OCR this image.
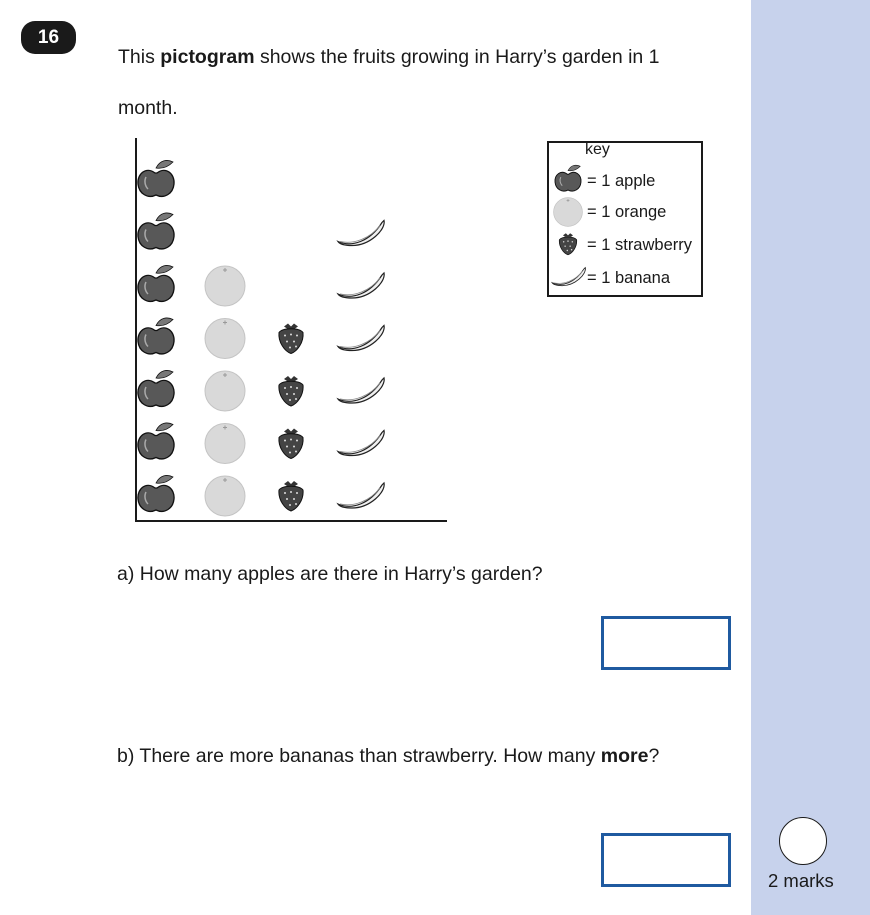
16
This pictogram shows the fruits growing in Harry’s garden in 1 month.
key
= 1 apple
= 1 orange
= 1 strawberry
= 1 banana
a) How many apples are there in Harry’s garden?
b) There are more bananas than strawberry. How many more?
2 marks
